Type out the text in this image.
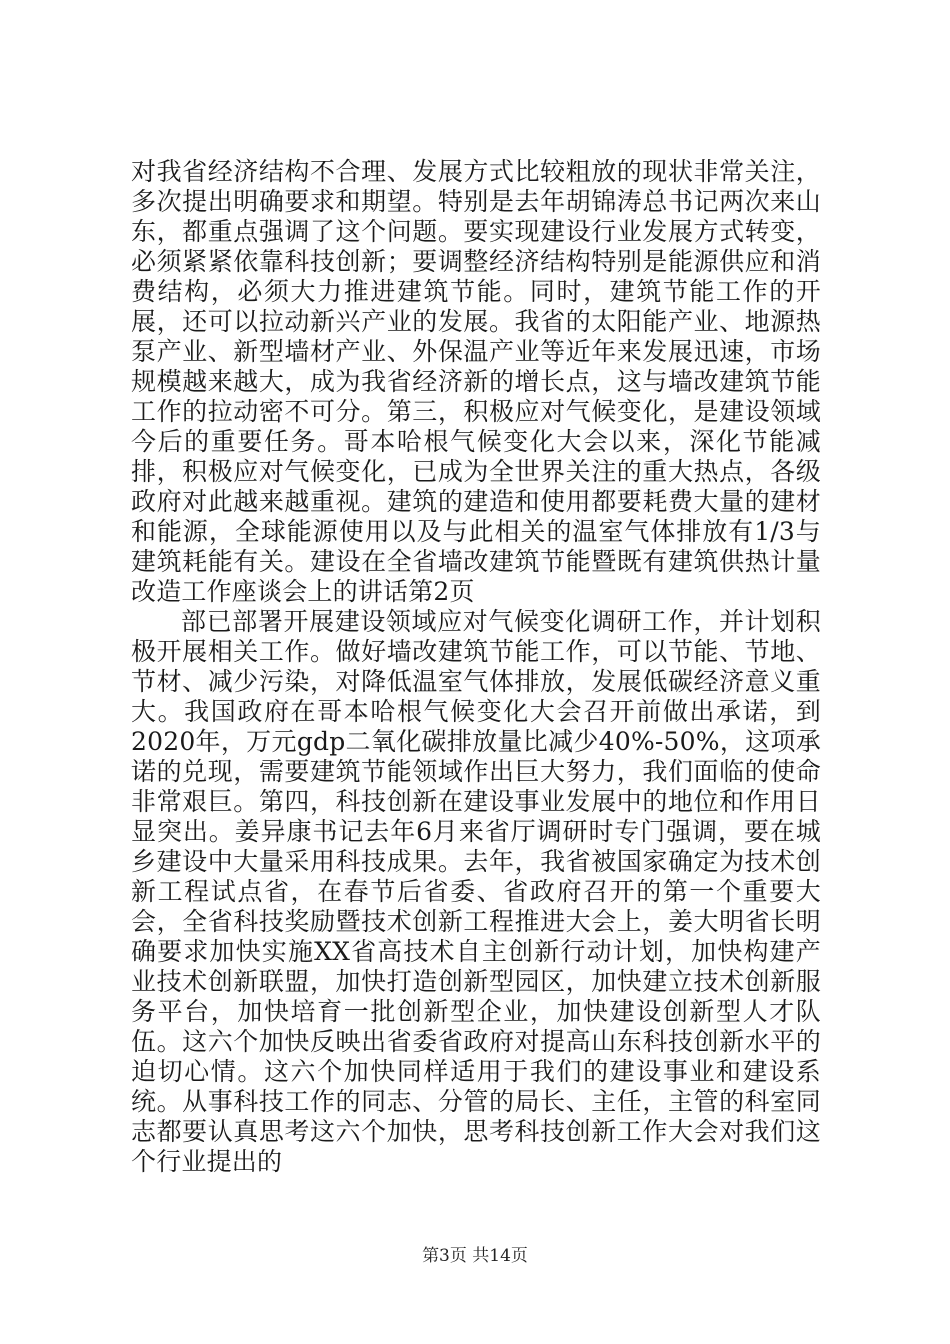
对我省经济结构不合理、发展方式比较粗放的现状非常关注，多次提出明确要求和期望。特别是去年胡锦涛总书记两次来山东，都重点强调了这个问题。要实现建设行业发展方式转变，必须紧紧依靠科技创新；要调整经济结构特别是能源供应和消费结构，必须大力推进建筑节能。同时，建筑节能工作的开展，还可以拉动新兴产业的发展。我省的太阳能产业、地源热泵产业、新型墙材产业、外保温产业等近年来发展迅速，市场规模越来越大，成为我省经济新的增长点，这与墙改建筑节能工作的拉动密不可分。第三，积极应对气候变化，是建设领域今后的重要任务。哥本哈根气候变化大会以来，深化节能减排，积极应对气候变化，已成为全世界关注的重大热点，各级政府对此越来越重视。建筑的建造和使用都要耗费大量的建材和能源，全球能源使用以及与此相关的温室气体排放有1/3与建筑耗能有关。建设在全省墙改建筑节能暨既有建筑供热计量改造工作座谈会上的讲话第2页

部已部署开展建设领域应对气候变化调研工作，并计划积极开展相关工作。做好墙改建筑节能工作，可以节能、节地、节材、减少污染，对降低温室气体排放，发展低碳经济意义重大。我国政府在哥本哈根气候变化大会召开前做出承诺，到2020年，万元gdp二氧化碳排放量比减少40%-50%，这项承诺的兑现，需要建筑节能领域作出巨大努力，我们面临的使命非常艰巨。第四，科技创新在建设事业发展中的地位和作用日显突出。姜异康书记去年6月来省厅调研时专门强调，要在城乡建设中大量采用科技成果。去年，我省被国家确定为技术创新工程试点省，在春节后省委、省政府召开的第一个重要大会，全省科技奖励暨技术创新工程推进大会上，姜大明省长明确要求加快实施XX省高技术自主创新行动计划，加快构建产业技术创新联盟，加快打造创新型园区，加快建立技术创新服务平台，加快培育一批创新型企业，加快建设创新型人才队伍。这六个加快反映出省委省政府对提高山东科技创新水平的迫切心情。这六个加快同样适用于我们的建设事业和建设系统。从事科技工作的同志、分管的局长、主任，主管的科室同志都要认真思考这六个加快，思考科技创新工作大会对我们这个行业提出的

第3页 共14页
